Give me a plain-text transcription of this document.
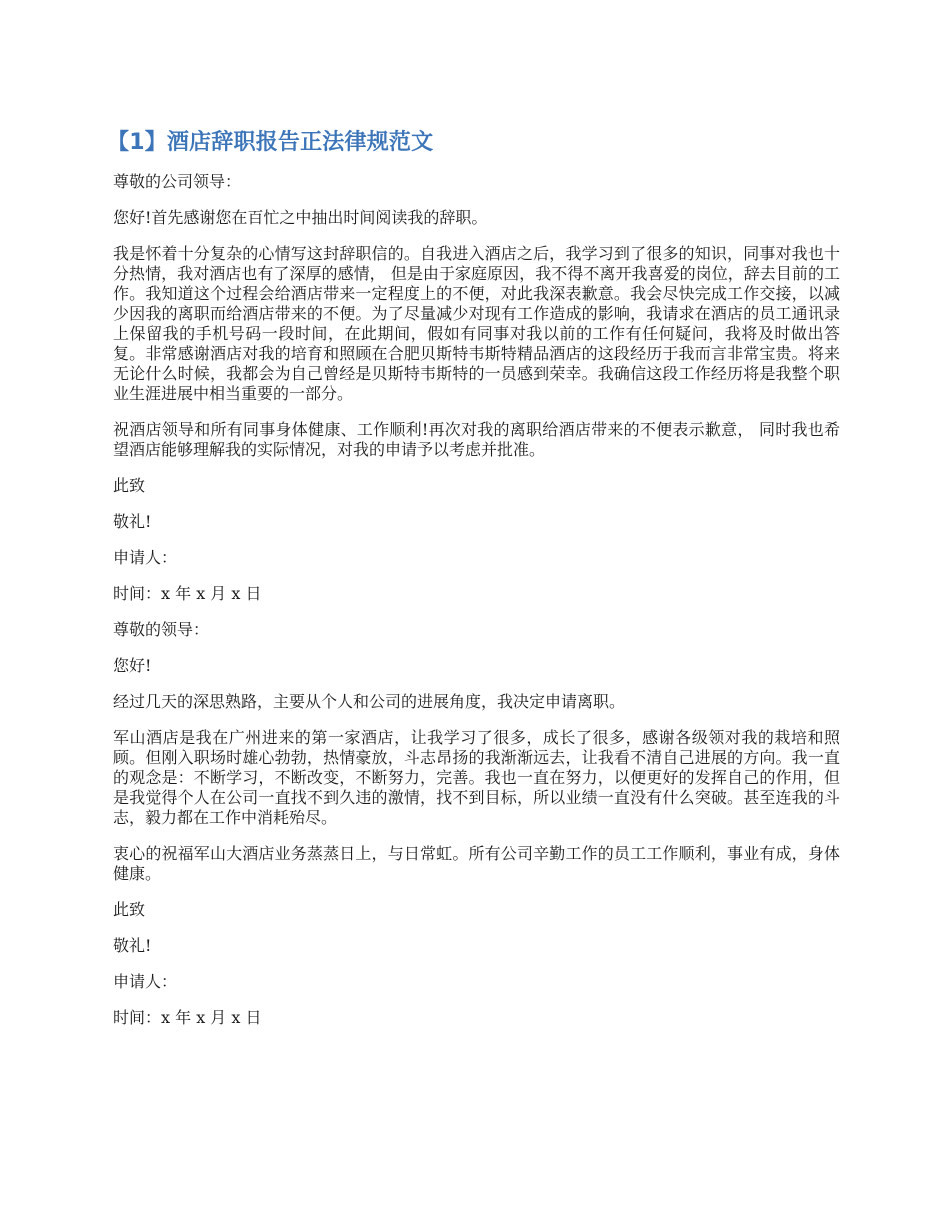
【1】酒店辞职报告正法律规范文

尊敬的公司领导：

您好!首先感谢您在百忙之中抽出时间阅读我的辞职。

我是怀着十分复杂的心情写这封辞职信的。自我进入酒店之后，我学习到了很多的知识，同事对我也十分热情，我对酒店也有了深厚的感情， 但是由于家庭原因，我不得不离开我喜爱的岗位，辞去目前的工作。我知道这个过程会给酒店带来一定程度上的不便，对此我深表歉意。我会尽快完成工作交接，以减少因我的离职而给酒店带来的不便。为了尽量减少对现有工作造成的影响，我请求在酒店的员工通讯录上保留我的手机号码一段时间，在此期间，假如有同事对我以前的工作有任何疑问，我将及时做出答复。非常感谢酒店对我的培育和照顾在合肥贝斯特韦斯特精品酒店的这段经历于我而言非常宝贵。将来无论什么时候，我都会为自己曾经是贝斯特韦斯特的一员感到荣幸。我确信这段工作经历将是我整个职业生涯进展中相当重要的一部分。

祝酒店领导和所有同事身体健康、工作顺利!再次对我的离职给酒店带来的不便表示歉意， 同时我也希望酒店能够理解我的实际情况，对我的申请予以考虑并批准。

此致

敬礼!

申请人：

时间：x 年 x 月 x 日

尊敬的领导：

您好!

经过几天的深思熟路，主要从个人和公司的进展角度，我决定申请离职。

军山酒店是我在广州进来的第一家酒店，让我学习了很多，成长了很多，感谢各级领对我的栽培和照顾。但刚入职场时雄心勃勃，热情豪放，斗志昂扬的我渐渐远去，让我看不清自己进展的方向。我一直的观念是：不断学习，不断改变，不断努力，完善。我也一直在努力，以便更好的发挥自己的作用，但是我觉得个人在公司一直找不到久违的激情，找不到目标，所以业绩一直没有什么突破。甚至连我的斗志，毅力都在工作中消耗殆尽。

衷心的祝福军山大酒店业务蒸蒸日上，与日常虹。所有公司辛勤工作的员工工作顺利，事业有成，身体健康。

此致

敬礼!

申请人：

时间：x 年 x 月 x 日
